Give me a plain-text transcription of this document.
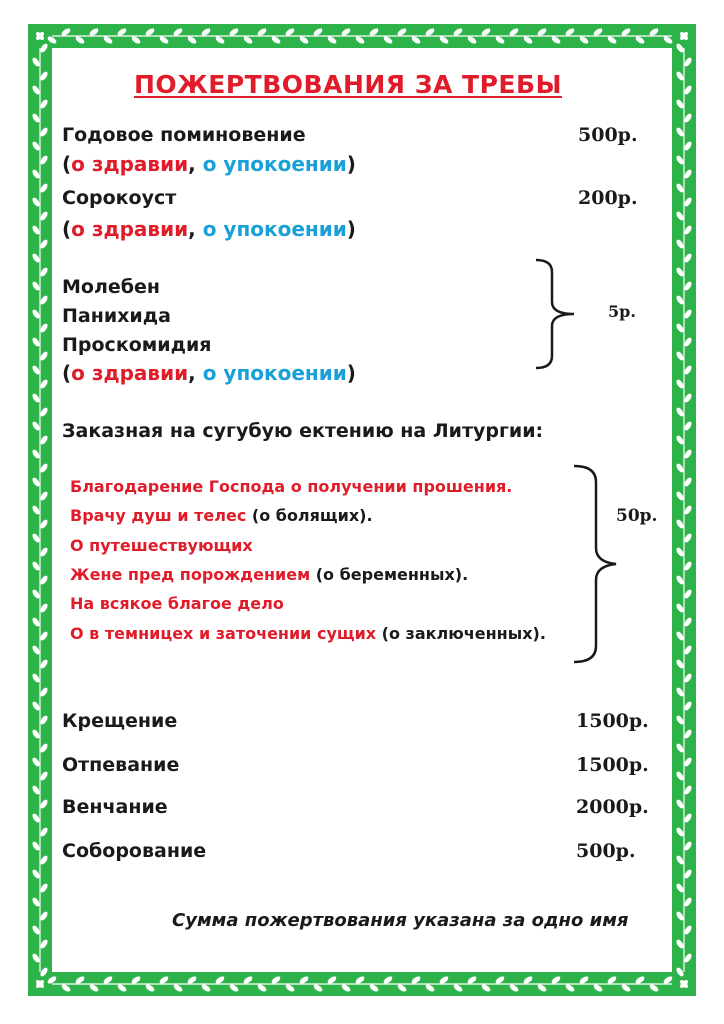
ПОЖЕРТВОВАНИЯ ЗА ТРЕБЫ
Годовое поминовение	500р.
(о здравии, о упокоении)
Сорокоуст	200р.
(о здравии, о упокоении)
Молебен
Панихида
Проскомидия
(о здравии, о упокоении)
5р.
Заказная на сугубую ектению на Литургии:
Благодарение Господа о получении прошения.
Врачу душ и телес (о болящих).
О путешествующих
Жене пред порождением (о беременных).
На всякое благое дело
О в темницех и заточении сущих (о заключенных).
50р.
Крещение	1500р.
Отпевание	1500р.
Венчание	2000р.
Соборование	500р.
Сумма пожертвования указана за одно имя
